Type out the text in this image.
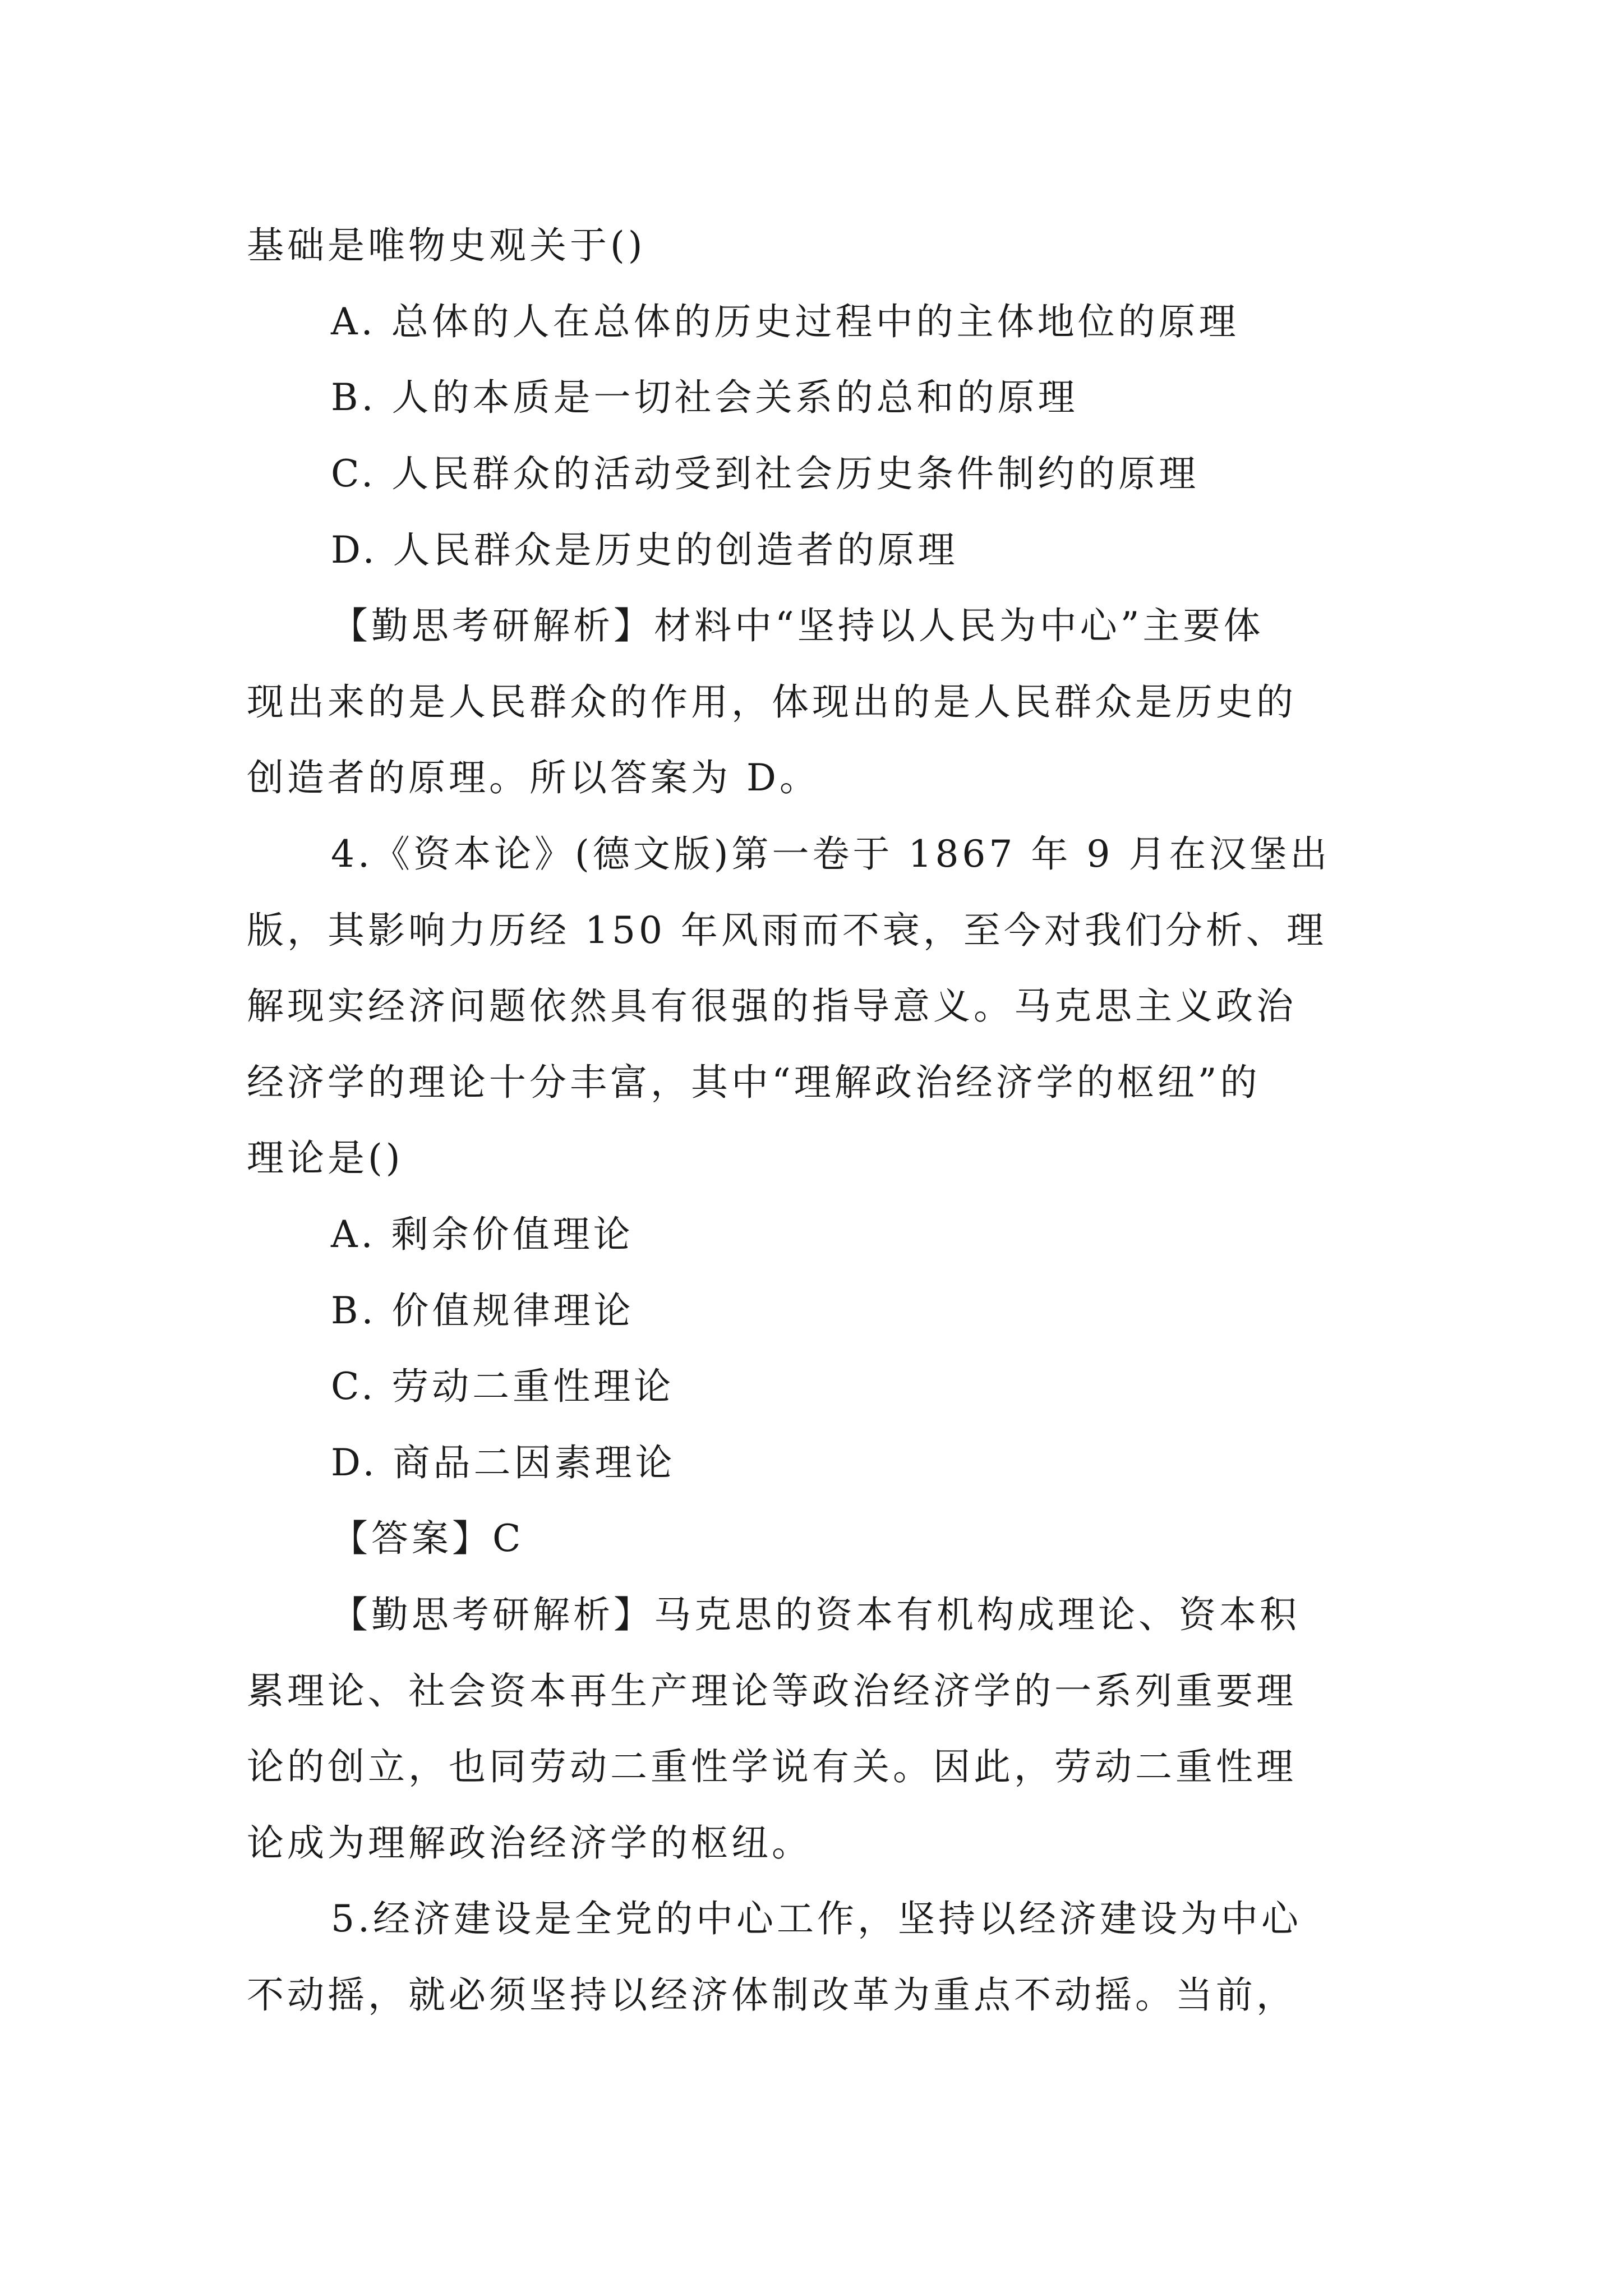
基础是唯物史观关于()
A. 总体的人在总体的历史过程中的主体地位的原理
B. 人的本质是一切社会关系的总和的原理
C. 人民群众的活动受到社会历史条件制约的原理
D. 人民群众是历史的创造者的原理
【勤思考研解析】材料中“坚持以人民为中心”主要体
现出来的是人民群众的作用，体现出的是人民群众是历史的
创造者的原理。所以答案为 D。
4.《资本论》(德文版)第一卷于 1867 年 9 月在汉堡出
版，其影响力历经 150 年风雨而不衰，至今对我们分析、理
解现实经济问题依然具有很强的指导意义。马克思主义政治
经济学的理论十分丰富，其中“理解政治经济学的枢纽”的
理论是()
A. 剩余价值理论
B. 价值规律理论
C. 劳动二重性理论
D. 商品二因素理论
【答案】C
【勤思考研解析】马克思的资本有机构成理论、资本积
累理论、社会资本再生产理论等政治经济学的一系列重要理
论的创立，也同劳动二重性学说有关。因此，劳动二重性理
论成为理解政治经济学的枢纽。
5.经济建设是全党的中心工作，坚持以经济建设为中心
不动摇，就必须坚持以经济体制改革为重点不动摇。当前，
